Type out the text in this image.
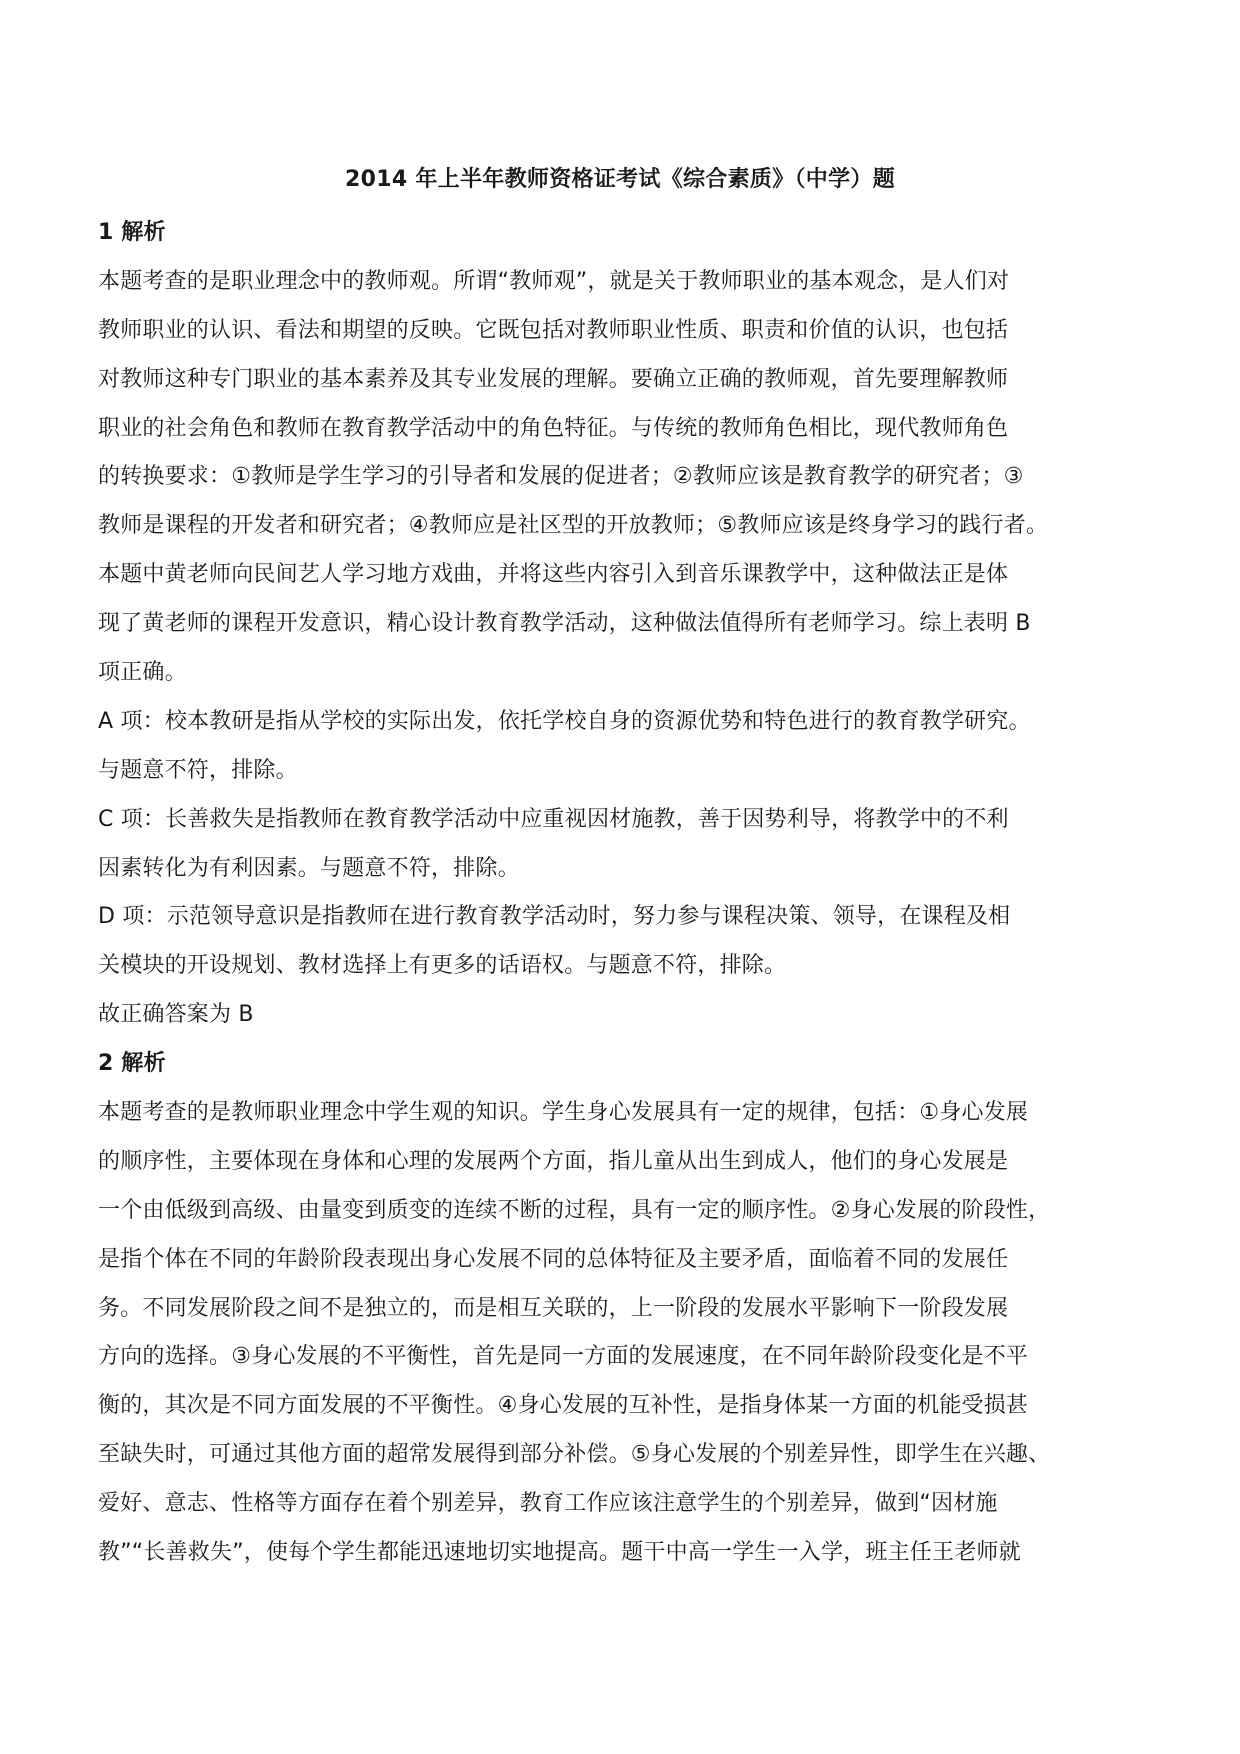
2014 年上半年教师资格证考试《综合素质》（中学）题
1 解析
本题考查的是职业理念中的教师观。所谓“教师观”，就是关于教师职业的基本观念，是人们对
教师职业的认识、看法和期望的反映。它既包括对教师职业性质、职责和价值的认识，也包括
对教师这种专门职业的基本素养及其专业发展的理解。要确立正确的教师观，首先要理解教师
职业的社会角色和教师在教育教学活动中的角色特征。与传统的教师角色相比，现代教师角色
的转换要求：①教师是学生学习的引导者和发展的促进者；②教师应该是教育教学的研究者；③
教师是课程的开发者和研究者；④教师应是社区型的开放教师；⑤教师应该是终身学习的践行者。
本题中黄老师向民间艺人学习地方戏曲，并将这些内容引入到音乐课教学中，这种做法正是体
现了黄老师的课程开发意识，精心设计教育教学活动，这种做法值得所有老师学习。综上表明 B
项正确。
A 项：校本教研是指从学校的实际出发，依托学校自身的资源优势和特色进行的教育教学研究。
与题意不符，排除。
C 项：长善救失是指教师在教育教学活动中应重视因材施教，善于因势利导，将教学中的不利
因素转化为有利因素。与题意不符，排除。
D 项：示范领导意识是指教师在进行教育教学活动时，努力参与课程决策、领导，在课程及相
关模块的开设规划、教材选择上有更多的话语权。与题意不符，排除。
故正确答案为 B
2 解析
本题考查的是教师职业理念中学生观的知识。学生身心发展具有一定的规律，包括：①身心发展
的顺序性，主要体现在身体和心理的发展两个方面，指儿童从出生到成人，他们的身心发展是
一个由低级到高级、由量变到质变的连续不断的过程，具有一定的顺序性。②身心发展的阶段性，
是指个体在不同的年龄阶段表现出身心发展不同的总体特征及主要矛盾，面临着不同的发展任
务。不同发展阶段之间不是独立的，而是相互关联的，上一阶段的发展水平影响下一阶段发展
方向的选择。③身心发展的不平衡性，首先是同一方面的发展速度，在不同年龄阶段变化是不平
衡的，其次是不同方面发展的不平衡性。④身心发展的互补性，是指身体某一方面的机能受损甚
至缺失时，可通过其他方面的超常发展得到部分补偿。⑤身心发展的个别差异性，即学生在兴趣、
爱好、意志、性格等方面存在着个别差异，教育工作应该注意学生的个别差异，做到“因材施
教”“长善救失”，使每个学生都能迅速地切实地提高。题干中高一学生一入学，班主任王老师就
